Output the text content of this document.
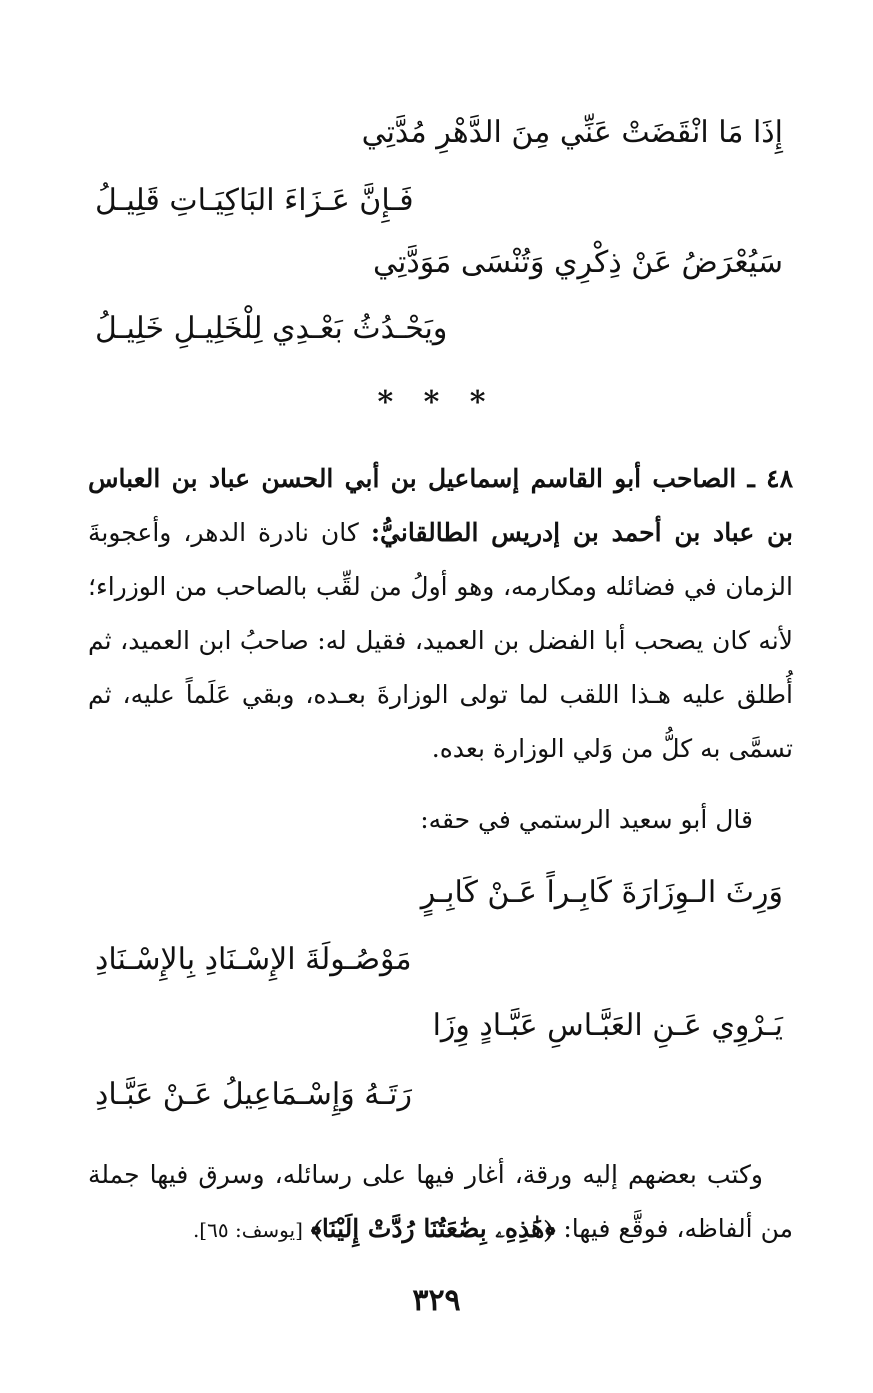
إِذَا مَا انْقَضَتْ عَنِّي مِنَ الدَّهْرِ مُدَّتِي
فَـإِنَّ عَـزَاءَ البَاكِيَـاتِ قَلِيـلُ
سَيُعْرَضُ عَنْ ذِكْرِي وَتُنْسَى مَوَدَّتِي
ويَحْـدُثُ بَعْـدِي لِلْخَلِيـلِ خَلِيـلُ
* * *
٤٨ ـ الصاحب أبو القاسم إسماعيل بن أبي الحسن عباد بن العباس بن عباد بن أحمد بن إدريس الطالقانيُّ: كان نادرة الدهر، وأعجوبةَ الزمان في فضائله ومكارمه، وهو أولُ من لقِّب بالصاحب من الوزراء؛ لأنه كان يصحب أبا الفضل بن العميد، فقيل له: صاحبُ ابن العميد، ثم أُطلق عليه هـذا اللقب لما تولى الوزارةَ بعـده، وبقي عَلَماً عليه، ثم تسمَّى به كلُّ من وَلي الوزارة بعده.
قال أبو سعيد الرستمي في حقه:
وَرِثَ الـوِزَارَةَ كَابِـراً عَـنْ كَابِـرٍ
مَوْصُـولَةَ الإِسْـنَادِ بِالإِسْـنَادِ
يَـرْوِي عَـنِ العَبَّـاسِ عَبَّـادٍ وِزَا
رَتَـهُ وَإِسْـمَاعِيلُ عَـنْ عَبَّـادِ
وكتب بعضهم إليه ورقة، أغار فيها على رسائله، وسرق فيها جملة من ألفاظه، فوقَّع فيها: ﴿هَٰذِهِۦ بِضَٰعَتُنَا رُدَّتْ إِلَيْنَا﴾ [يوسف: ٦٥].
٣٢٩
